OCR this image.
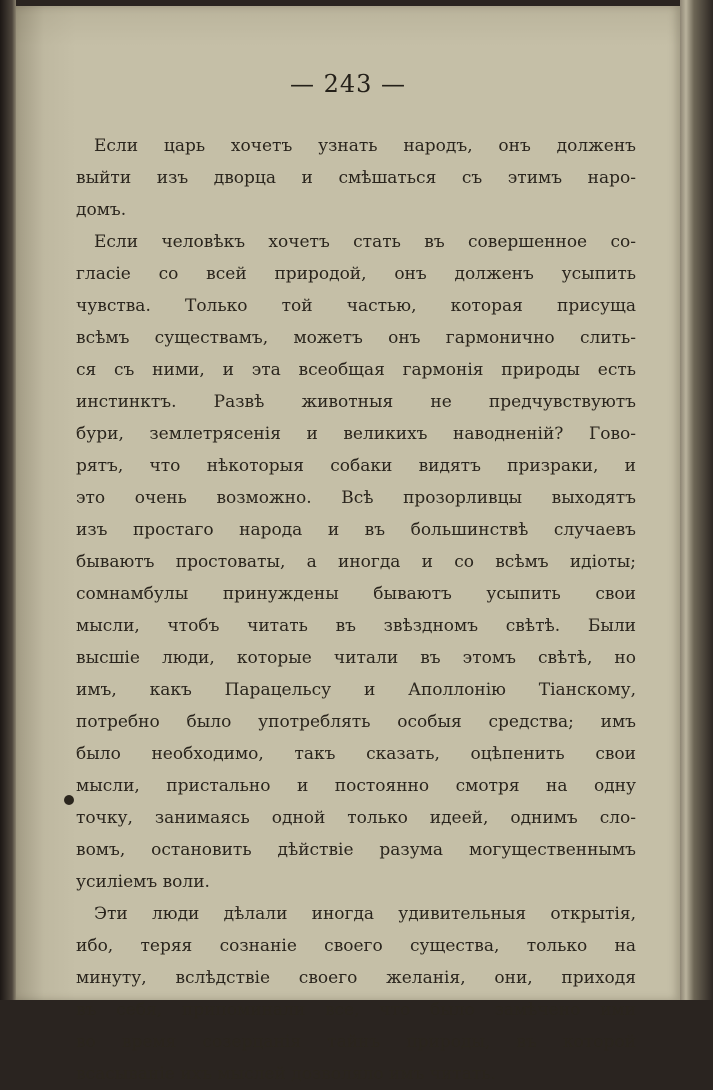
— 243 —
Если царь хочетъ узнать народъ, онъ долженъ
выйти изъ дворца и смѣшаться съ этимъ наро-
домъ.
Если человѣкъ хочетъ стать въ совершенное со-
гласіе со всей природой, онъ долженъ усыпить
чувства. Только той частью, которая присуща
всѣмъ существамъ, можетъ онъ гармонично слить-
ся съ ними, и эта всеобщая гармонія природы есть
инстинктъ. Развѣ животныя не предчувствуютъ
бури, землетрясенія и великихъ наводненій? Гово-
рятъ, что нѣкоторыя собаки видятъ призраки, и
это очень возможно. Всѣ прозорливцы выходятъ
изъ простаго народа и въ большинствѣ случаевъ
бываютъ простоваты, а иногда и со всѣмъ идіоты;
сомнамбулы принуждены бываютъ усыпить свои
мысли, чтобъ читать въ звѣздномъ свѣтѣ. Были
высшіе люди, которые читали въ этомъ свѣтѣ, но
имъ, какъ Парацельсу и Аполлонію Тіанскому,
потребно было употреблять особыя средства; имъ
было необходимо, такъ сказать, оцѣпенить свои
мысли, пристально и постоянно смотря на одну
точку, занимаясь одной только идеей, однимъ сло-
вомъ, остановить дѣйствіе разума могущественнымъ
усиліемъ воли.
Эти люди дѣлали иногда удивительныя открытія,
ибо, теряя сознаніе своего существа, только на
минуту, вслѣдствіе своего желанія, они, приходя
въ себя, припоминали все, что было замѣчено ими
во время созерцанія тайнъ природы, въ которой
всасываніе ихъ мыслей дозволяло имъ читать.
